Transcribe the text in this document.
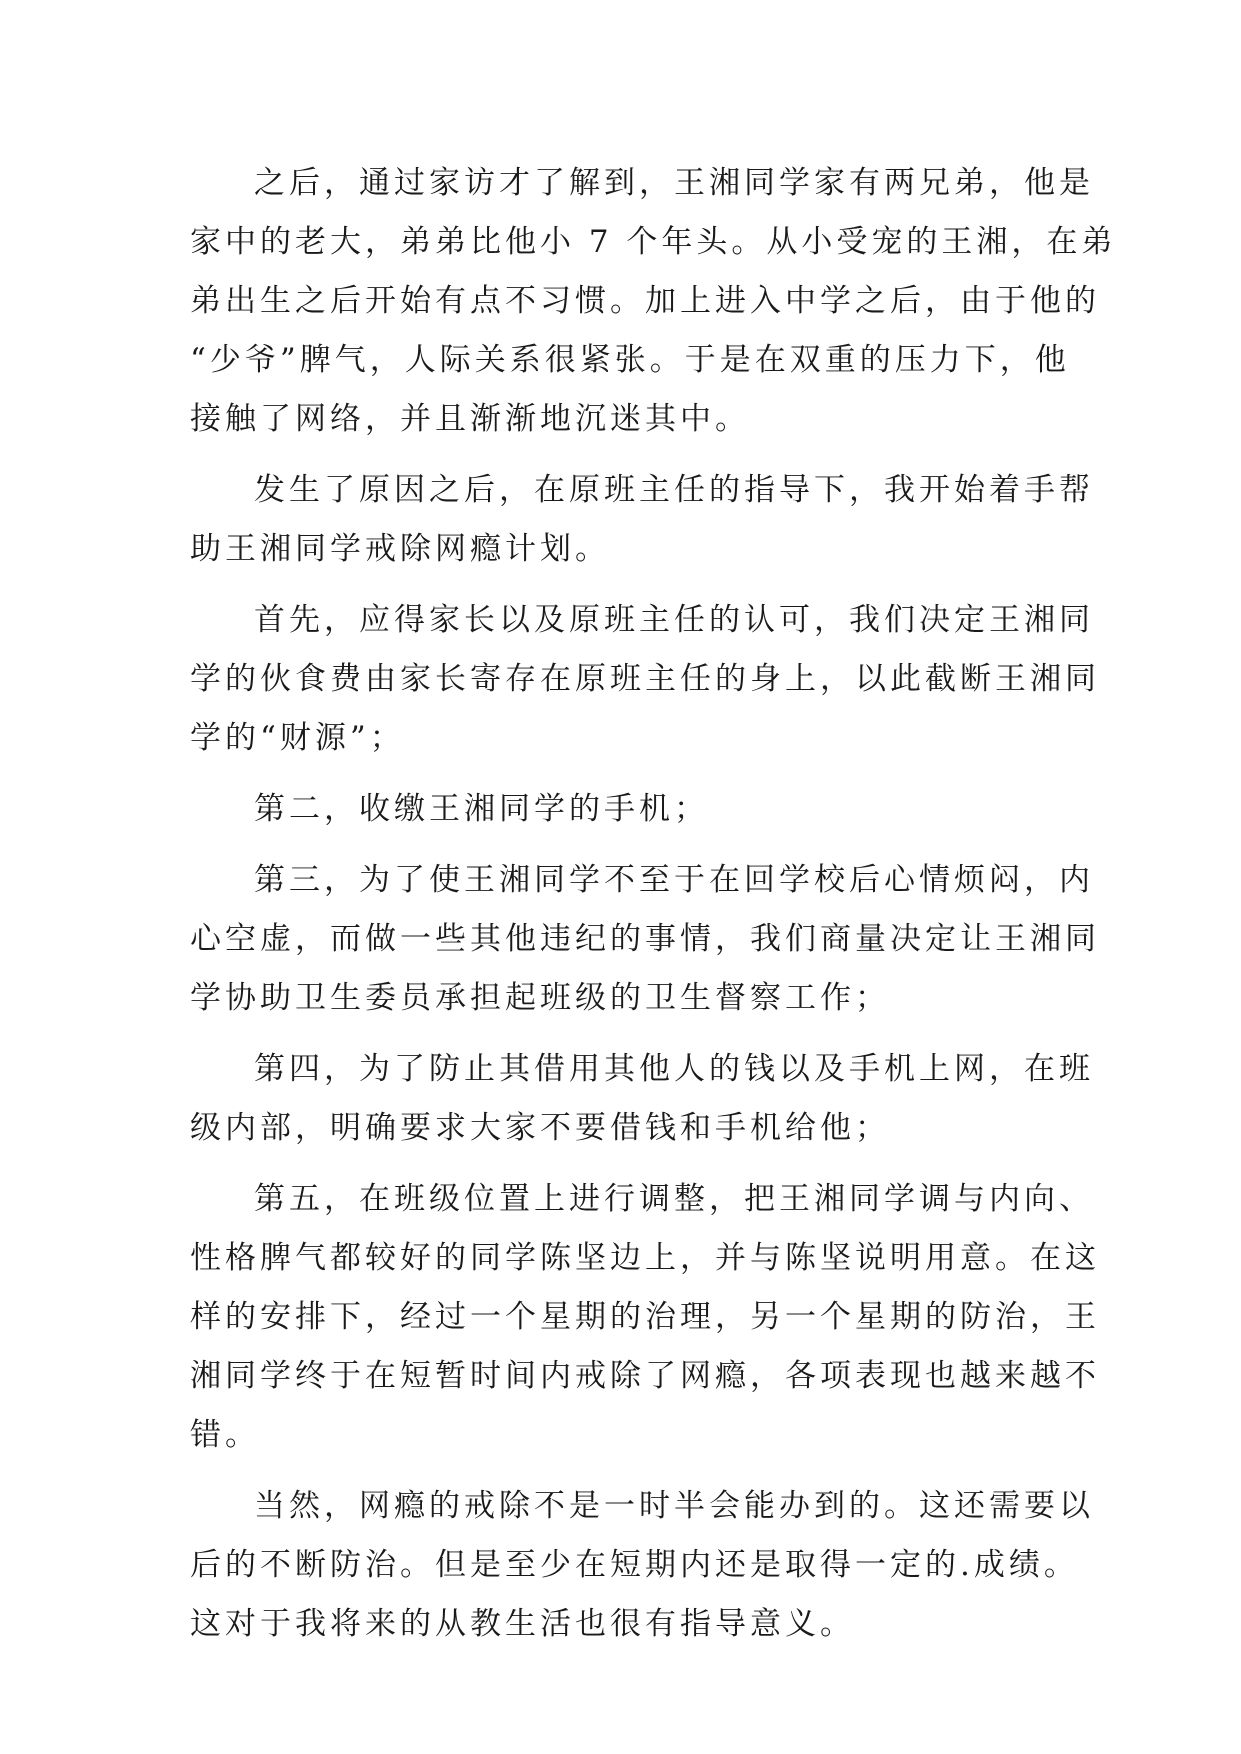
之后，通过家访才了解到，王湘同学家有两兄弟，他是
家中的老大，弟弟比他小 7 个年头。从小受宠的王湘，在弟
弟出生之后开始有点不习惯。加上进入中学之后，由于他的
“少爷”脾气，人际关系很紧张。于是在双重的压力下，他
接触了网络，并且渐渐地沉迷其中。
发生了原因之后，在原班主任的指导下，我开始着手帮
助王湘同学戒除网瘾计划。
首先，应得家长以及原班主任的认可，我们决定王湘同
学的伙食费由家长寄存在原班主任的身上，以此截断王湘同
学的“财源”；
第二，收缴王湘同学的手机；
第三，为了使王湘同学不至于在回学校后心情烦闷，内
心空虚，而做一些其他违纪的事情，我们商量决定让王湘同
学协助卫生委员承担起班级的卫生督察工作；
第四，为了防止其借用其他人的钱以及手机上网，在班
级内部，明确要求大家不要借钱和手机给他；
第五，在班级位置上进行调整，把王湘同学调与内向、
性格脾气都较好的同学陈坚边上，并与陈坚说明用意。在这
样的安排下，经过一个星期的治理，另一个星期的防治，王
湘同学终于在短暂时间内戒除了网瘾，各项表现也越来越不
错。
当然，网瘾的戒除不是一时半会能办到的。这还需要以
后的不断防治。但是至少在短期内还是取得一定的.成绩。
这对于我将来的从教生活也很有指导意义。
